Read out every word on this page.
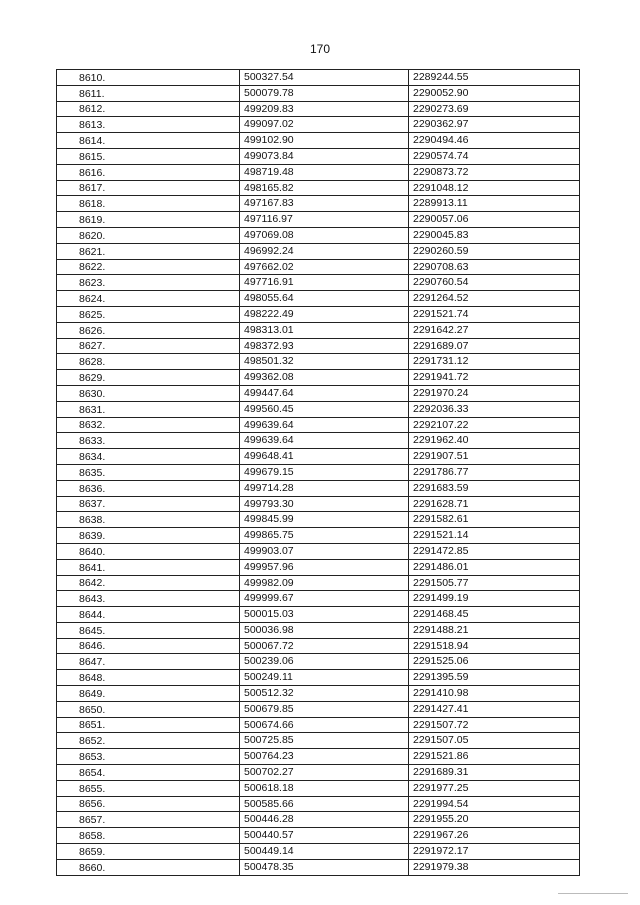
170
8610.	500327.54	2289244.55
8611.	500079.78	2290052.90
8612.	499209.83	2290273.69
8613.	499097.02	2290362.97
8614.	499102.90	2290494.46
8615.	499073.84	2290574.74
8616.	498719.48	2290873.72
8617.	498165.82	2291048.12
8618.	497167.83	2289913.11
8619.	497116.97	2290057.06
8620.	497069.08	2290045.83
8621.	496992.24	2290260.59
8622.	497662.02	2290708.63
8623.	497716.91	2290760.54
8624.	498055.64	2291264.52
8625.	498222.49	2291521.74
8626.	498313.01	2291642.27
8627.	498372.93	2291689.07
8628.	498501.32	2291731.12
8629.	499362.08	2291941.72
8630.	499447.64	2291970.24
8631.	499560.45	2292036.33
8632.	499639.64	2292107.22
8633.	499639.64	2291962.40
8634.	499648.41	2291907.51
8635.	499679.15	2291786.77
8636.	499714.28	2291683.59
8637.	499793.30	2291628.71
8638.	499845.99	2291582.61
8639.	499865.75	2291521.14
8640.	499903.07	2291472.85
8641.	499957.96	2291486.01
8642.	499982.09	2291505.77
8643.	499999.67	2291499.19
8644.	500015.03	2291468.45
8645.	500036.98	2291488.21
8646.	500067.72	2291518.94
8647.	500239.06	2291525.06
8648.	500249.11	2291395.59
8649.	500512.32	2291410.98
8650.	500679.85	2291427.41
8651.	500674.66	2291507.72
8652.	500725.85	2291507.05
8653.	500764.23	2291521.86
8654.	500702.27	2291689.31
8655.	500618.18	2291977.25
8656.	500585.66	2291994.54
8657.	500446.28	2291955.20
8658.	500440.57	2291967.26
8659.	500449.14	2291972.17
8660.	500478.35	2291979.38
